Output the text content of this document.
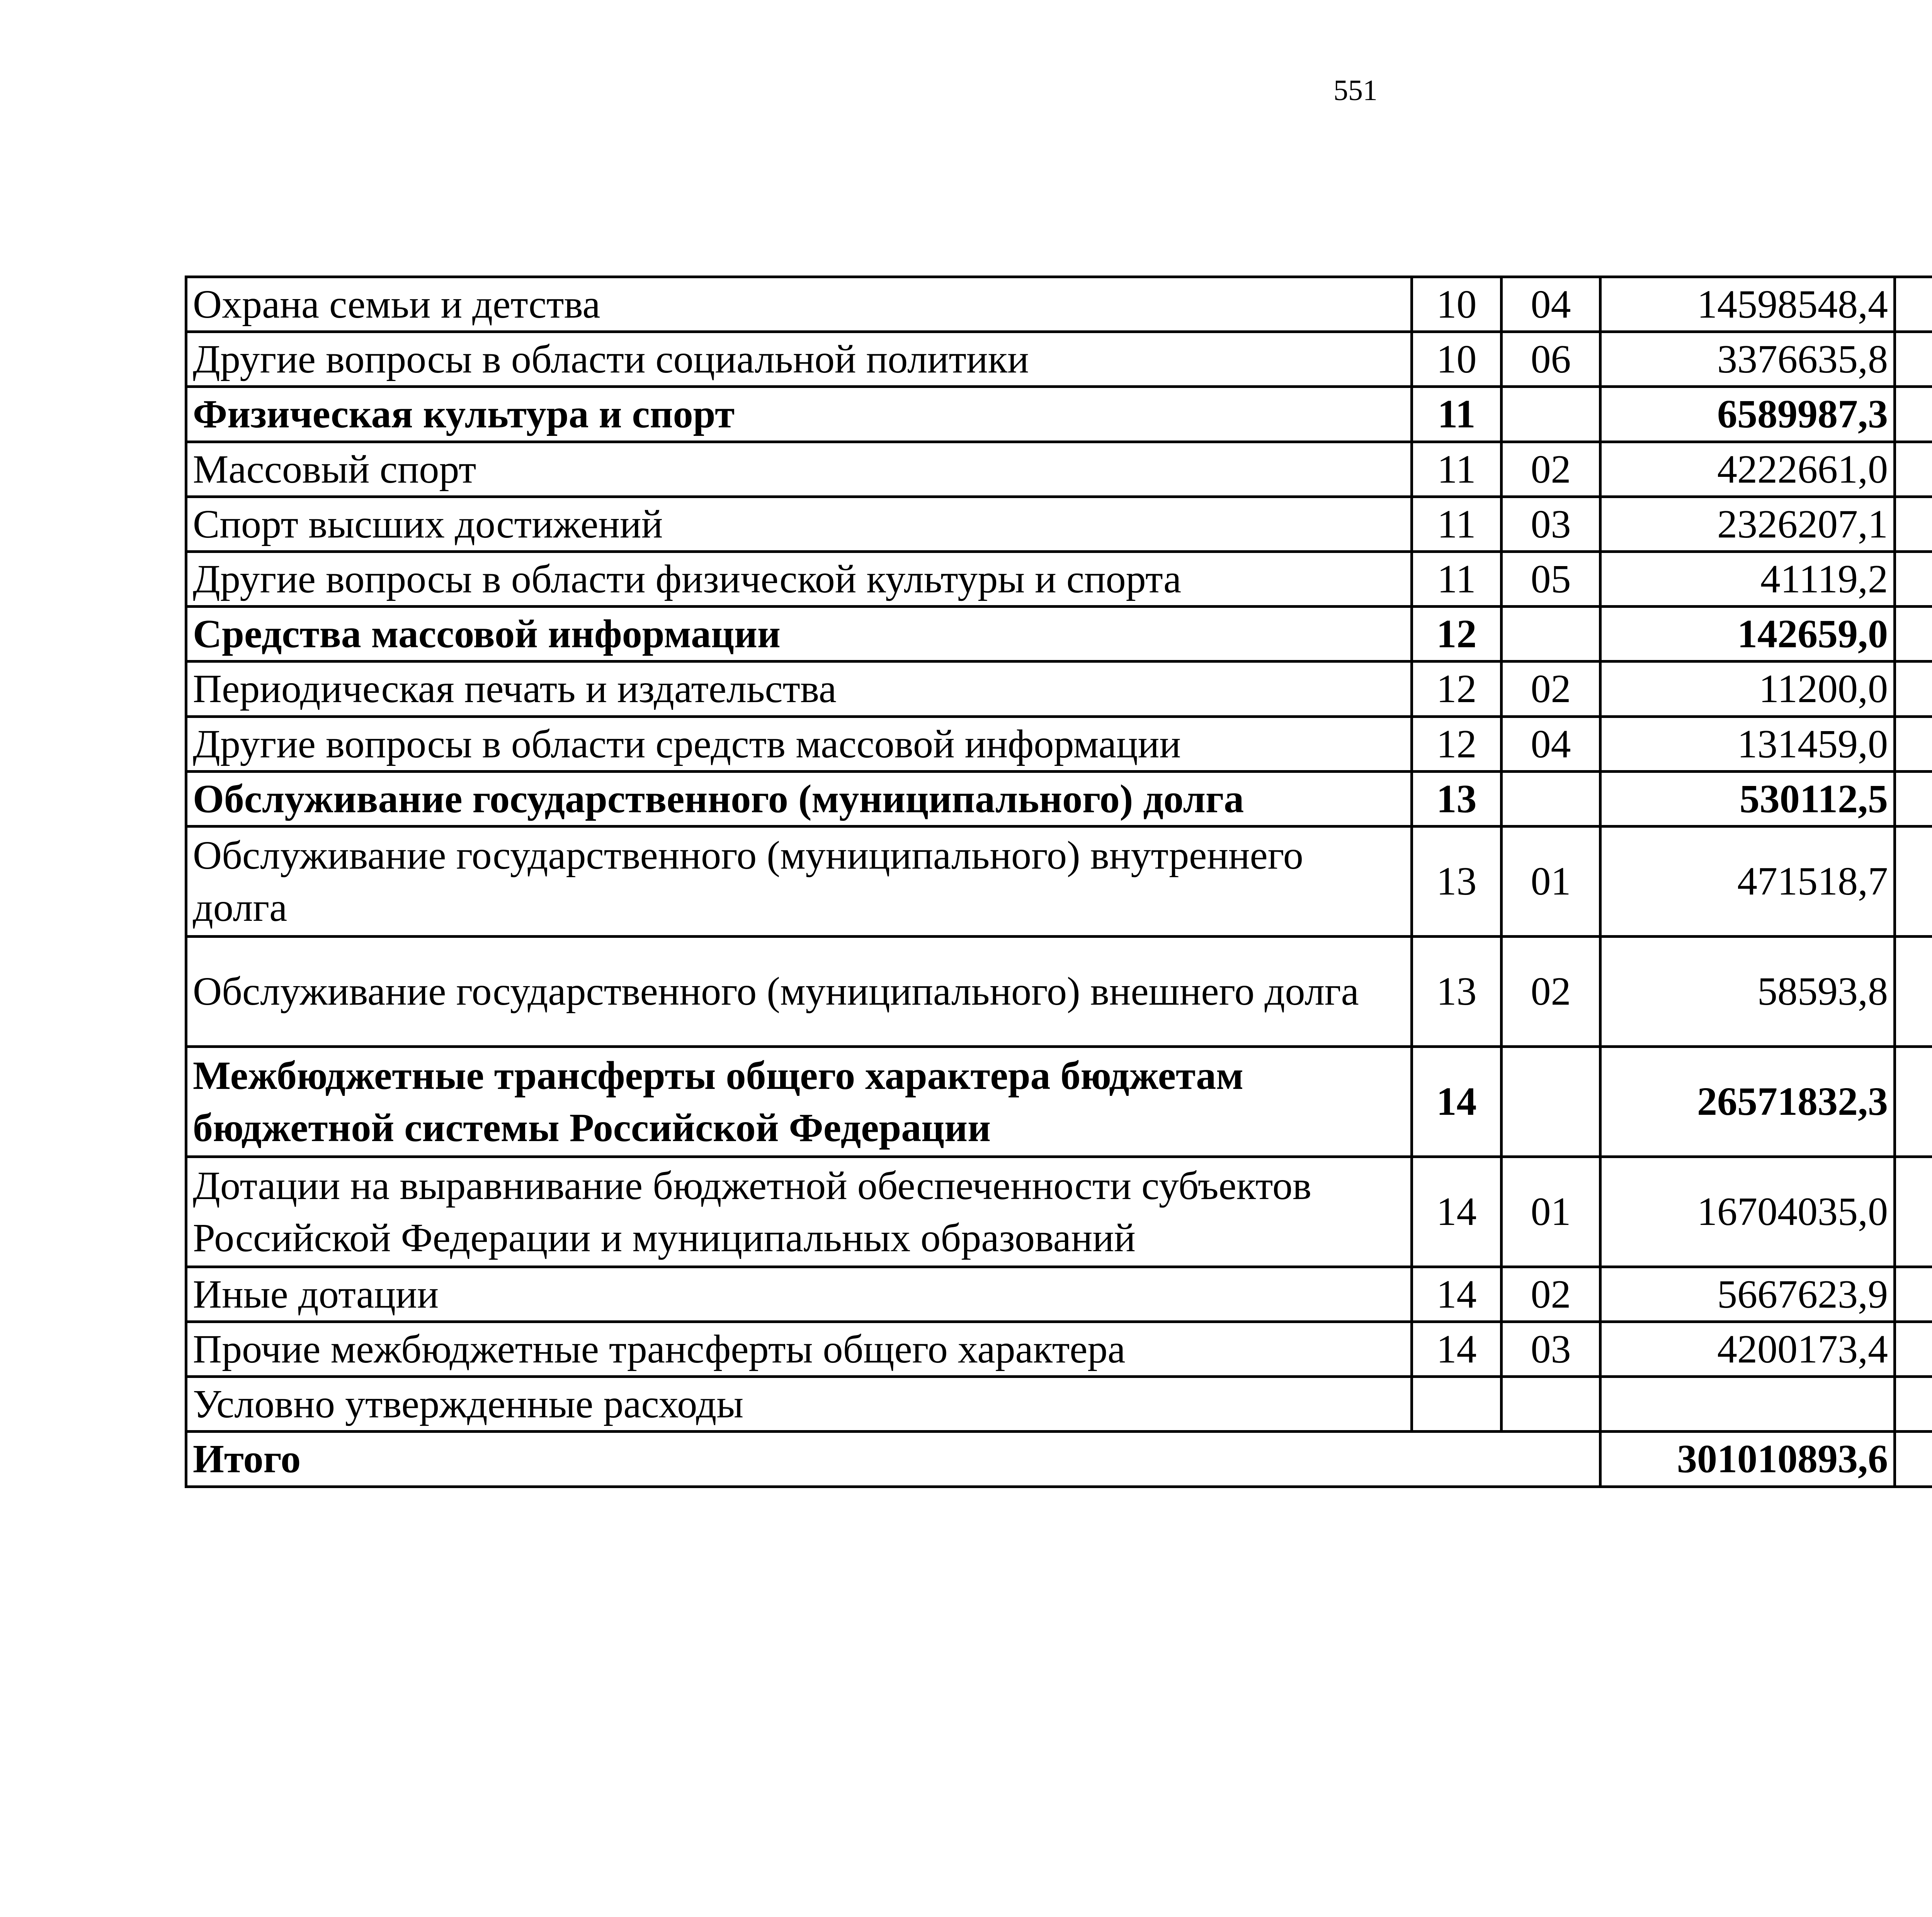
551
Охрана семьи и детства	10	04	14598548,4		
Другие вопросы в области социальной политики	10	06	3376635,8		
Физическая культура и спорт	11		6589987,3		
Массовый спорт	11	02	4222661,0		
Спорт высших достижений	11	03	2326207,1		
Другие вопросы в области физической культуры и спорта	11	05	41119,2		
Средства массовой информации	12		142659,0		
Периодическая печать и издательства	12	02	11200,0		
Другие вопросы в области средств массовой информации	12	04	131459,0		
Обслуживание государственного (муниципального) долга	13		530112,5		
Обслуживание государственного (муниципального) внутреннего долга	13	01	471518,7		
Обслуживание государственного (муниципального) внешнего долга	13	02	58593,8		
Межбюджетные трансферты общего характера бюджетам бюджетной системы Российской Федерации	14		26571832,3		
Дотации на выравнивание бюджетной обеспеченности субъектов Российской Федерации и муниципальных образований	14	01	16704035,0		
Иные дотации	14	02	5667623,9		
Прочие межбюджетные трансферты общего характера	14	03	4200173,4		
Условно утвержденные расходы					
Итого			301010893,6		
